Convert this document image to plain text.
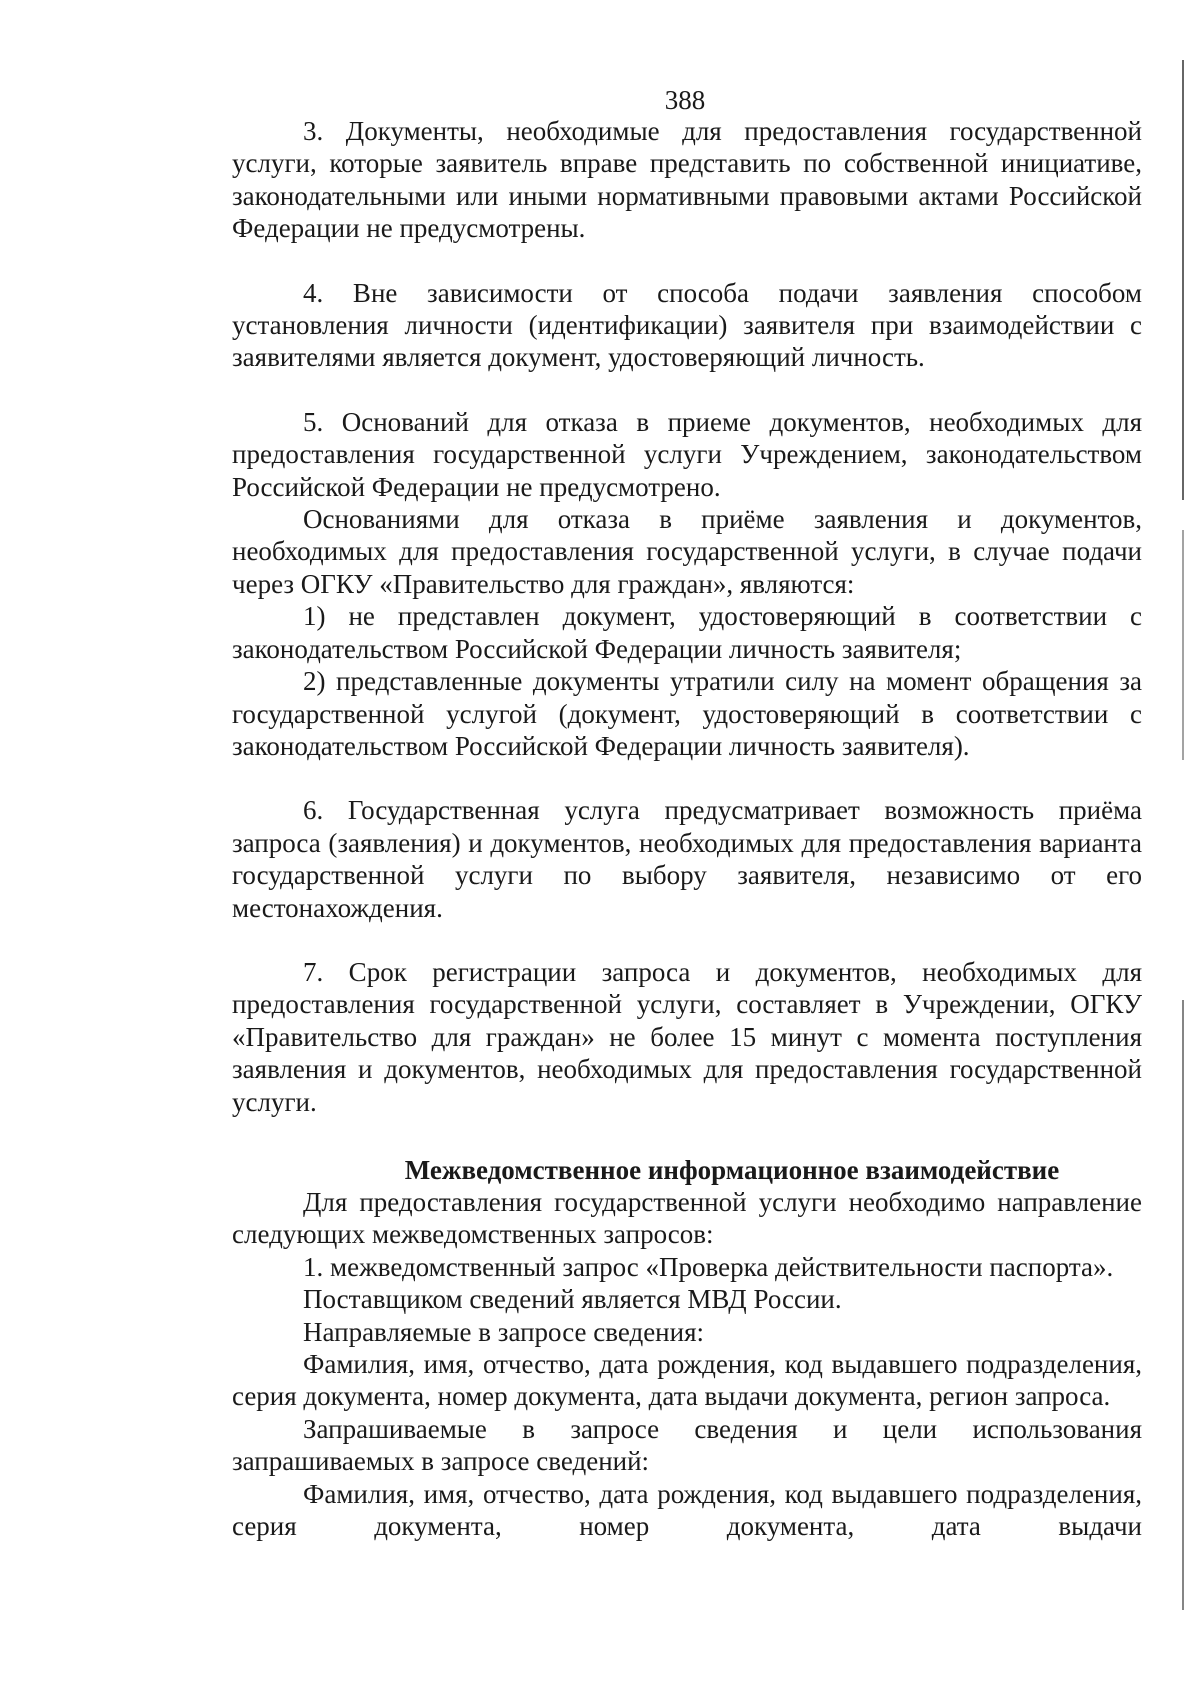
388

3. Документы, необходимые для предоставления государственной услуги, которые заявитель вправе представить по собственной инициативе, законодательными или иными нормативными правовыми актами Российской Федерации не предусмотрены.

4. Вне зависимости от способа подачи заявления способом установления личности (идентификации) заявителя при взаимодействии с заявителями является документ, удостоверяющий личность.

5. Оснований для отказа в приеме документов, необходимых для предоставления государственной услуги Учреждением, законодательством Российской Федерации не предусмотрено.

Основаниями для отказа в приёме заявления и документов, необходимых для предоставления государственной услуги, в случае подачи через ОГКУ «Правительство для граждан», являются:

1) не представлен документ, удостоверяющий в соответствии с законодательством Российской Федерации личность заявителя;

2) представленные документы утратили силу на момент обращения за государственной услугой (документ, удостоверяющий в соответствии с законодательством Российской Федерации личность заявителя).

6. Государственная услуга предусматривает возможность приёма запроса (заявления) и документов, необходимых для предоставления варианта государственной услуги по выбору заявителя, независимо от его местонахождения.

7. Срок регистрации запроса и документов, необходимых для предоставления государственной услуги, составляет в Учреждении, ОГКУ «Правительство для граждан» не более 15 минут с момента поступления заявления и документов, необходимых для предоставления государственной услуги.

Межведомственное информационное взаимодействие

Для предоставления государственной услуги необходимо направление следующих межведомственных запросов:

1. межведомственный запрос «Проверка действительности паспорта».

Поставщиком сведений является МВД России.

Направляемые в запросе сведения:

Фамилия, имя, отчество, дата рождения, код выдавшего подразделения, серия документа, номер документа, дата выдачи документа, регион запроса.

Запрашиваемые в запросе сведения и цели использования запрашиваемых в запросе сведений:

Фамилия, имя, отчество, дата рождения, код выдавшего подразделения, серия документа, номер документа, дата выдачи
